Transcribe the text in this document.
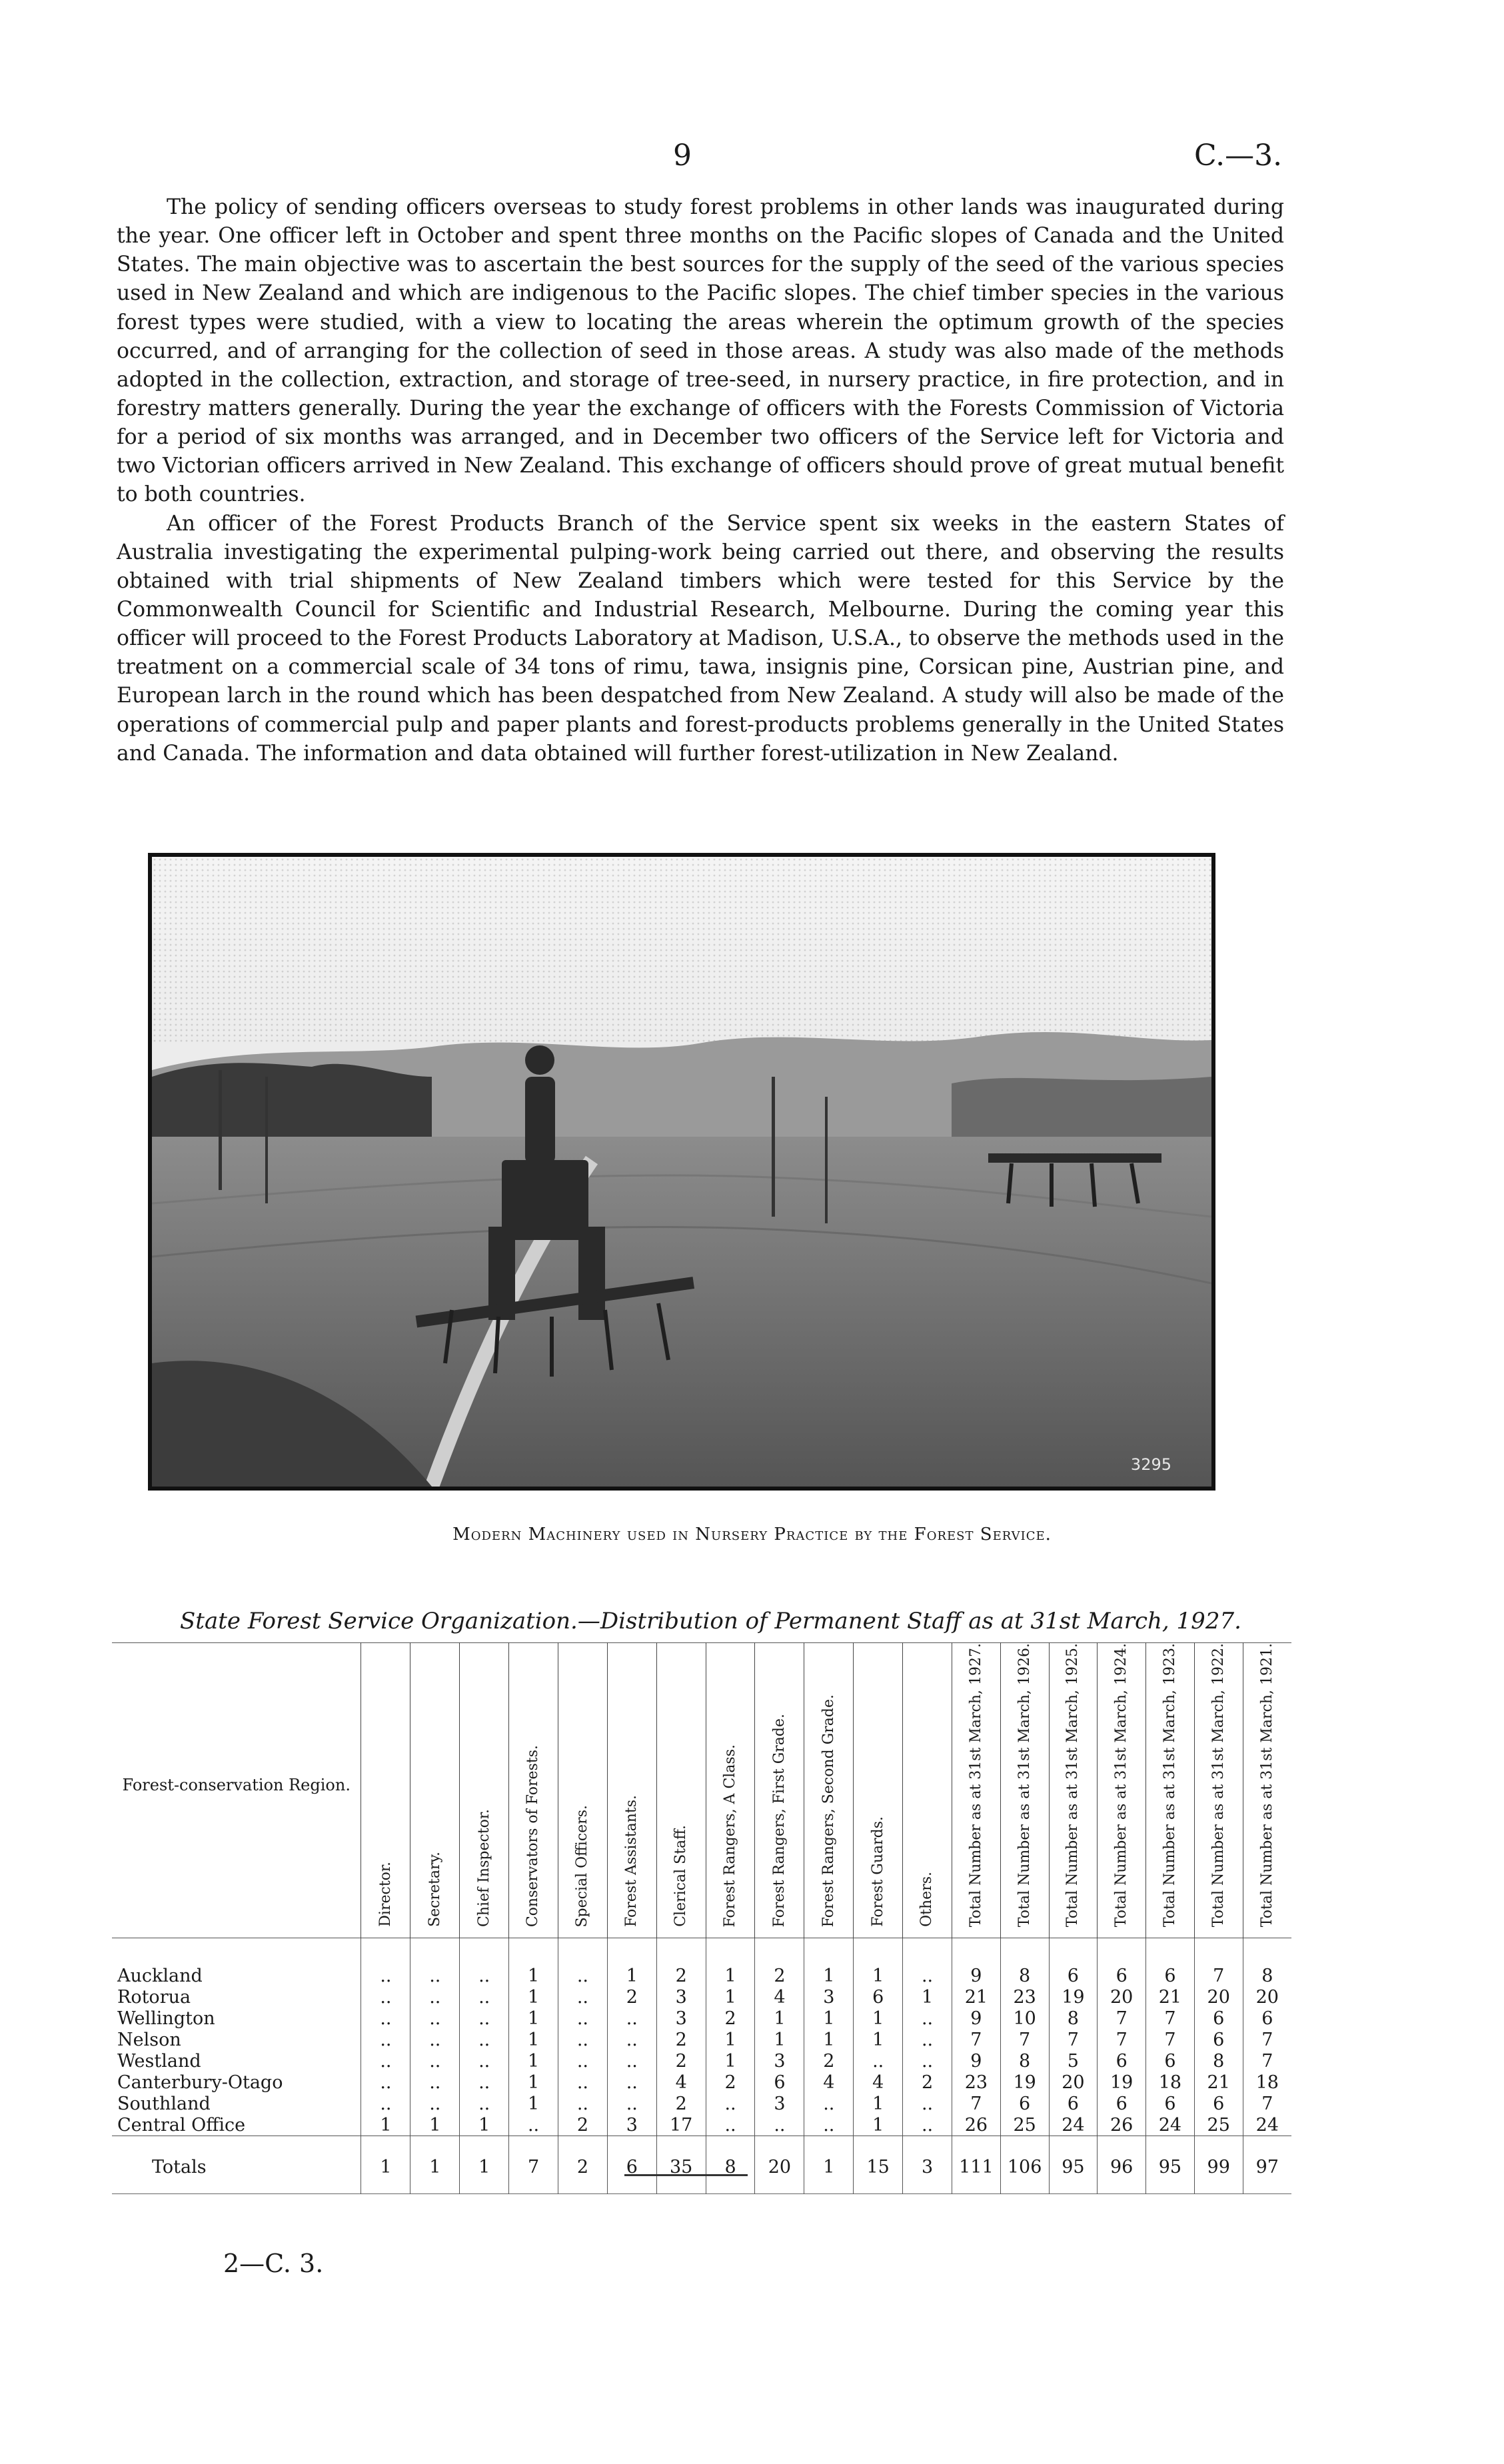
9	C.—3.

The policy of sending officers overseas to study forest problems in other lands was inaugurated during the year. One officer left in October and spent three months on the Pacific slopes of Canada and the United States. The main objective was to ascertain the best sources for the supply of the seed of the various species used in New Zealand and which are indigenous to the Pacific slopes. The chief timber species in the various forest types were studied, with a view to locating the areas wherein the optimum growth of the species occurred, and of arranging for the collection of seed in those areas. A study was also made of the methods adopted in the collection, extraction, and storage of tree-seed, in nursery practice, in fire protection, and in forestry matters generally. During the year the exchange of officers with the Forests Commission of Victoria for a period of six months was arranged, and in December two officers of the Service left for Victoria and two Victorian officers arrived in New Zealand. This exchange of officers should prove of great mutual benefit to both countries.

An officer of the Forest Products Branch of the Service spent six weeks in the eastern States of Australia investigating the experimental pulping-work being carried out there, and observing the results obtained with trial shipments of New Zealand timbers which were tested for this Service by the Commonwealth Council for Scientific and Industrial Research, Melbourne. During the coming year this officer will proceed to the Forest Products Laboratory at Madison, U.S.A., to observe the methods used in the treatment on a commercial scale of 34 tons of rimu, tawa, insignis pine, Corsican pine, Austrian pine, and European larch in the round which has been despatched from New Zealand. A study will also be made of the operations of commercial pulp and paper plants and forest-products problems generally in the United States and Canada. The information and data obtained will further forest-utilization in New Zealand.

3295
Modern Machinery used in Nursery Practice by the Forest Service.
State Forest Service Organization.—Distribution of Permanent Staff as at 31st March, 1927.
Forest-conservation Region.	Director.	Secretary.	Chief Inspector.	Conservators of Forests.	Special Officers.	Forest Assistants.	Clerical Staff.	Forest Rangers, A Class.	Forest Rangers, First Grade.	Forest Rangers, Second Grade.	Forest Guards.	Others.	Total Number as at 31st March, 1927.	Total Number as at 31st March, 1926.	Total Number as at 31st March, 1925.	Total Number as at 31st March, 1924.	Total Number as at 31st March, 1923.	Total Number as at 31st March, 1922.	Total Number as at 31st March, 1921.

Auckland	..	..	..	1	..	1	2	1	2	1	1	..	9	8	6	6	6	7	8
Rotorua	..	..	..	1	..	2	3	1	4	3	6	1	21	23	19	20	21	20	20
Wellington	..	..	..	1	..	..	3	2	1	1	1	..	9	10	8	7	7	6	6
Nelson	..	..	..	1	..	..	2	1	1	1	1	..	7	7	7	7	7	6	7
Westland	..	..	..	1	..	..	2	1	3	2	..	..	9	8	5	6	6	8	7
Canterbury-Otago	..	..	..	1	..	..	4	2	6	4	4	2	23	19	20	19	18	21	18
Southland	..	..	..	1	..	..	2	..	3	..	1	..	7	6	6	6	6	6	7
Central Office	1	1	1	..	2	3	17	..	..	..	1	..	26	25	24	26	24	25	24
Totals	1	1	1	7	2	6	35	8	20	1	15	3	111	106	95	96	95	99	97
2—C. 3.
